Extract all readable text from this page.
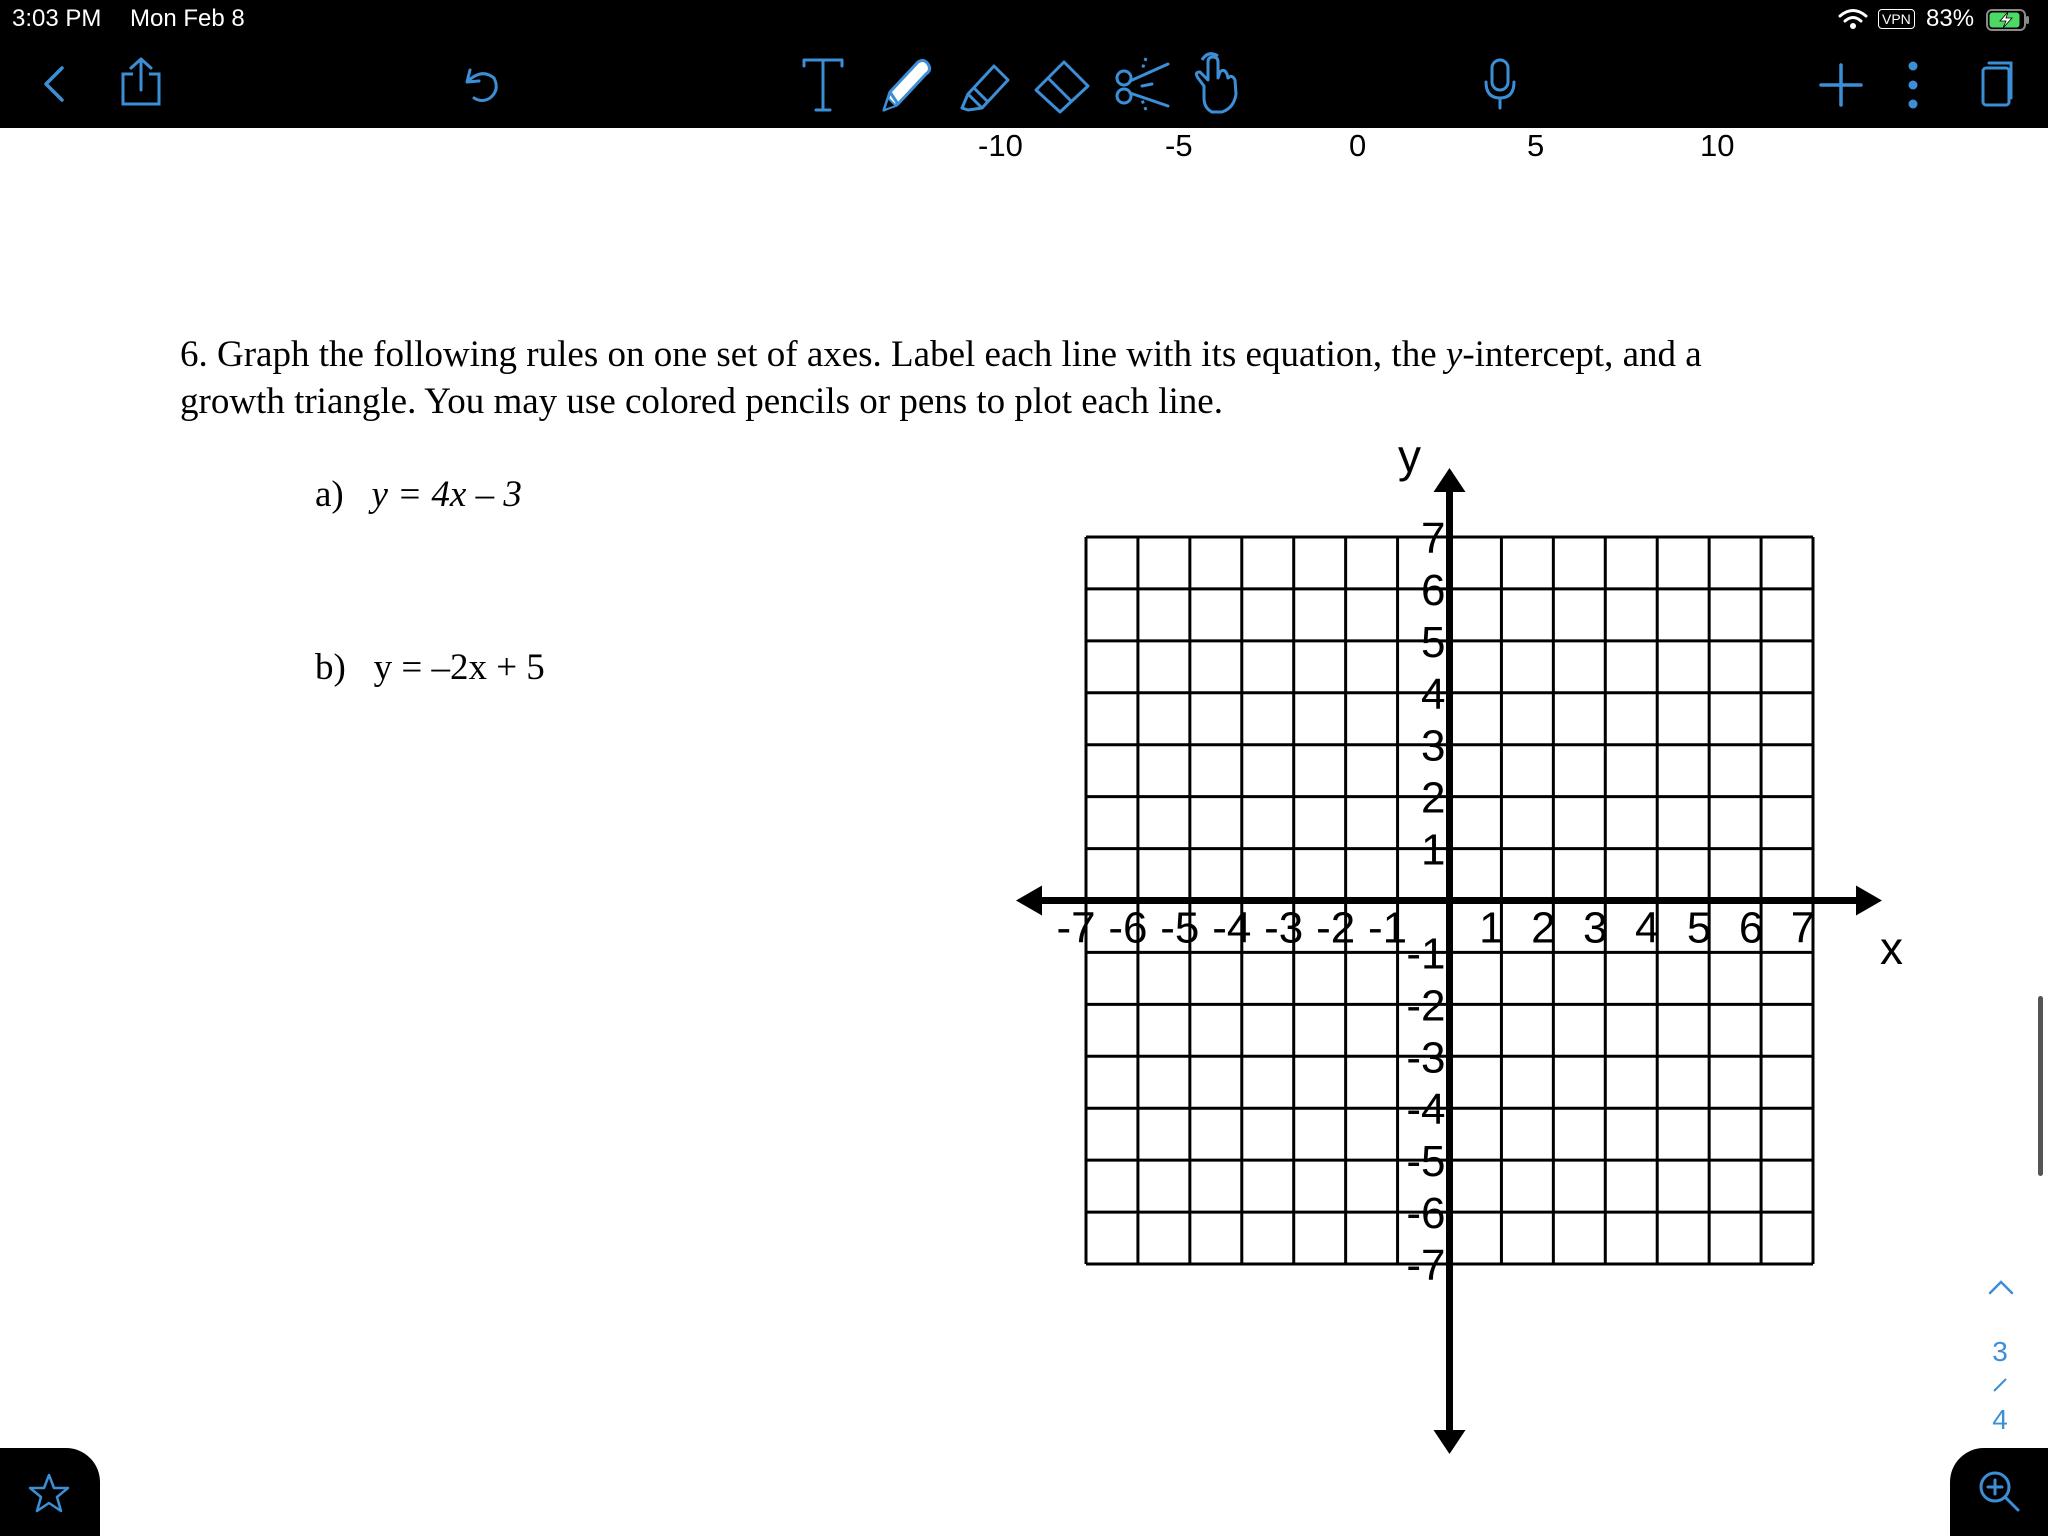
3:03 PM Mon Feb 8	VPN 83%
-10	-5	0	5	10
6. Graph the following rules on one set of axes. Label each line with its equation, the y-intercept, and a
growth triangle. You may use colored pencils or pens to plot each line.
a) y = 4x – 3
b) y = –2x + 5
x
y
-7 -6 -5 -4 -3 -2 -1 1 2 3 4 5 6 7
7
6
5
4
3
2
1
-1
-2
-3
-4
-5
-6
-7
3
4
